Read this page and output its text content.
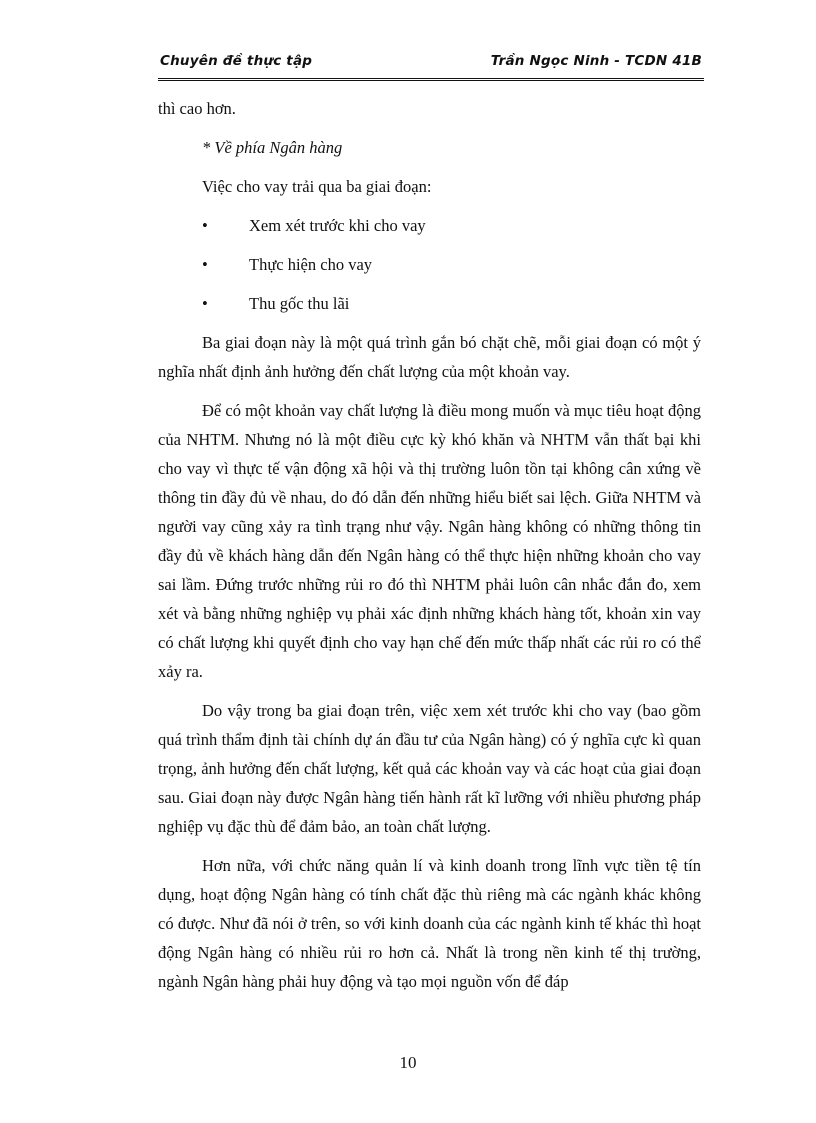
Chuyên đề thực tập	Trần Ngọc Ninh - TCDN 41B

thì cao hơn.

* Về phía Ngân hàng

Việc cho vay trải qua ba giai đoạn:

• Xem xét trước khi cho vay
• Thực hiện cho vay
• Thu gốc thu lãi

Ba giai đoạn này là một quá trình gắn bó chặt chẽ, mỗi giai đoạn có một ý nghĩa nhất định ảnh hưởng đến chất lượng của một khoản vay.

Để có một khoản vay chất lượng là điều mong muốn và mục tiêu hoạt động của NHTM. Nhưng nó là một điều cực kỳ khó khăn và NHTM vẫn thất bại khi cho vay vì thực tế vận động xã hội và thị trường luôn tồn tại không cân xứng về thông tin đầy đủ về nhau, do đó dẫn đến những hiểu biết sai lệch. Giữa NHTM và người vay cũng xảy ra tình trạng như vậy. Ngân hàng không có những thông tin đầy đủ về khách hàng dẫn đến Ngân hàng có thể thực hiện những khoản cho vay sai lầm. Đứng trước những rủi ro đó thì NHTM phải luôn cân nhắc đắn đo, xem xét và bằng những nghiệp vụ phải xác định những khách hàng tốt, khoản xin vay có chất lượng khi quyết định cho vay hạn chế đến mức thấp nhất các rủi ro có thể xảy ra.

Do vậy trong ba giai đoạn trên, việc xem xét trước khi cho vay (bao gồm quá trình thẩm định tài chính dự án đầu tư của Ngân hàng) có ý nghĩa cực kì quan trọng, ảnh hưởng đến chất lượng, kết quả các khoản vay và các hoạt của giai đoạn sau. Giai đoạn này được Ngân hàng tiến hành rất kĩ lưỡng với nhiều phương pháp nghiệp vụ đặc thù để đảm bảo, an toàn chất lượng.

Hơn nữa, với chức năng quản lí và kinh doanh trong lĩnh vực tiền tệ tín dụng, hoạt động Ngân hàng có tính chất đặc thù riêng mà các ngành khác không có được. Như đã nói ở trên, so với kinh doanh của các ngành kinh tế khác thì hoạt động Ngân hàng có nhiều rủi ro hơn cả. Nhất là trong nền kinh tế thị trường, ngành Ngân hàng phải huy động và tạo mọi nguồn vốn để đáp

10
